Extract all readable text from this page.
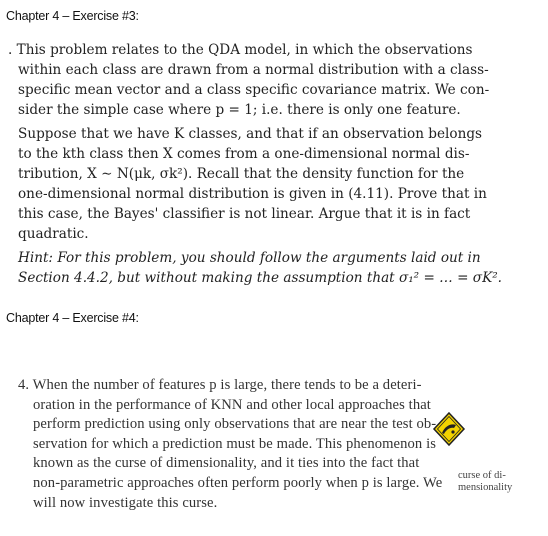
Chapter 4 – Exercise #3:
. This problem relates to the QDA model, in which the observations
within each class are drawn from a normal distribution with a class-
specific mean vector and a class specific covariance matrix. We con-
sider the simple case where p = 1; i.e. there is only one feature.
Suppose that we have K classes, and that if an observation belongs
to the kth class then X comes from a one-dimensional normal dis-
tribution, X ∼ N(μk, σk²). Recall that the density function for the
one-dimensional normal distribution is given in (4.11). Prove that in
this case, the Bayes' classifier is not linear. Argue that it is in fact
quadratic.
Hint: For this problem, you should follow the arguments laid out in
Section 4.4.2, but without making the assumption that σ₁² = … = σK².
Chapter 4 – Exercise #4:
4. When the number of features p is large, there tends to be a deteri-
oration in the performance of KNN and other local approaches that
perform prediction using only observations that are near the test ob-
servation for which a prediction must be made. This phenomenon is
known as the curse of dimensionality, and it ties into the fact that
non-parametric approaches often perform poorly when p is large. We
will now investigate this curse.
curse of di-
mensionality
